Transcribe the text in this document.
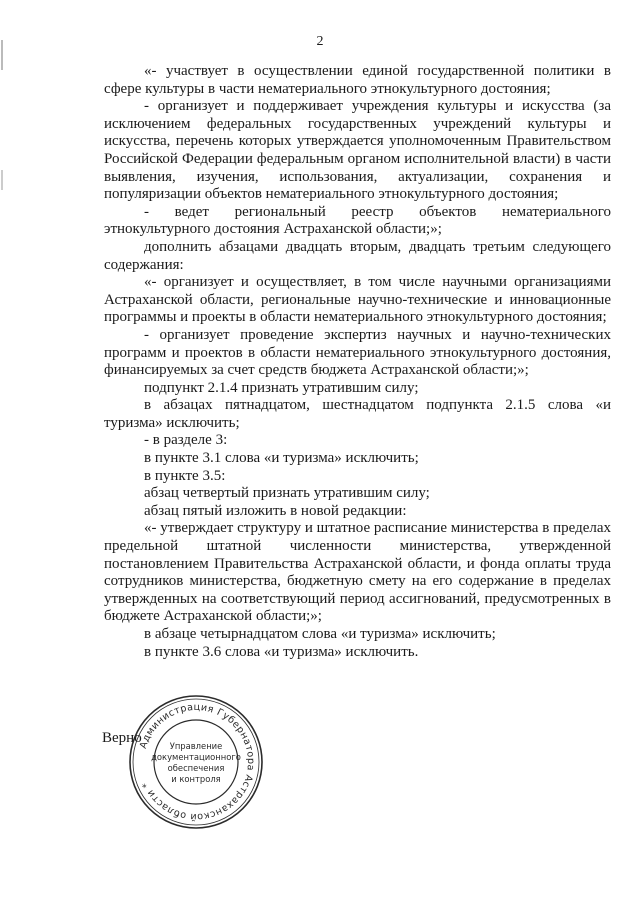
2

«- участвует в осуществлении единой государственной политики в сфере культуры в части нематериального этнокультурного достояния;

- организует и поддерживает учреждения культуры и искусства (за исключением федеральных государственных учреждений культуры и искусства, перечень которых утверждается уполномоченным Правительством Российской Федерации федеральным органом исполнительной власти) в части выявления, изучения, использования, актуализации, сохранения и популяризации объектов нематериального этнокультурного достояния;

- ведет региональный реестр объектов нематериального этнокультурного достояния Астраханской области;»;

дополнить абзацами двадцать вторым, двадцать третьим следующего содержания:

«- организует и осуществляет, в том числе научными организациями Астраханской области, региональные научно-технические и инновационные программы и проекты в области нематериального этнокультурного достояния;

- организует проведение экспертиз научных и научно-технических программ и проектов в области нематериального этнокультурного достояния, финансируемых за счет средств бюджета Астраханской области;»;

подпункт 2.1.4 признать утратившим силу;

в абзацах пятнадцатом, шестнадцатом подпункта 2.1.5 слова «и туризма» исключить;

- в разделе 3:

в пункте 3.1 слова «и туризма» исключить;

в пункте 3.5:

абзац четвертый признать утратившим силу;

абзац пятый изложить в новой редакции:

«- утверждает структуру и штатное расписание министерства в пределах предельной штатной численности министерства, утвержденной постановлением Правительства Астраханской области, и фонда оплаты труда сотрудников министерства, бюджетную смету на его содержание в пределах утвержденных на соответствующий период ассигнований, предусмотренных в бюджете Астраханской области;»;

в абзаце четырнадцатом слова «и туризма» исключить;

в пункте 3.6 слова «и туризма» исключить.

Верно
Администрация Губернатора Астраханской области *
Управление
документационного
обеспечения
и контроля
